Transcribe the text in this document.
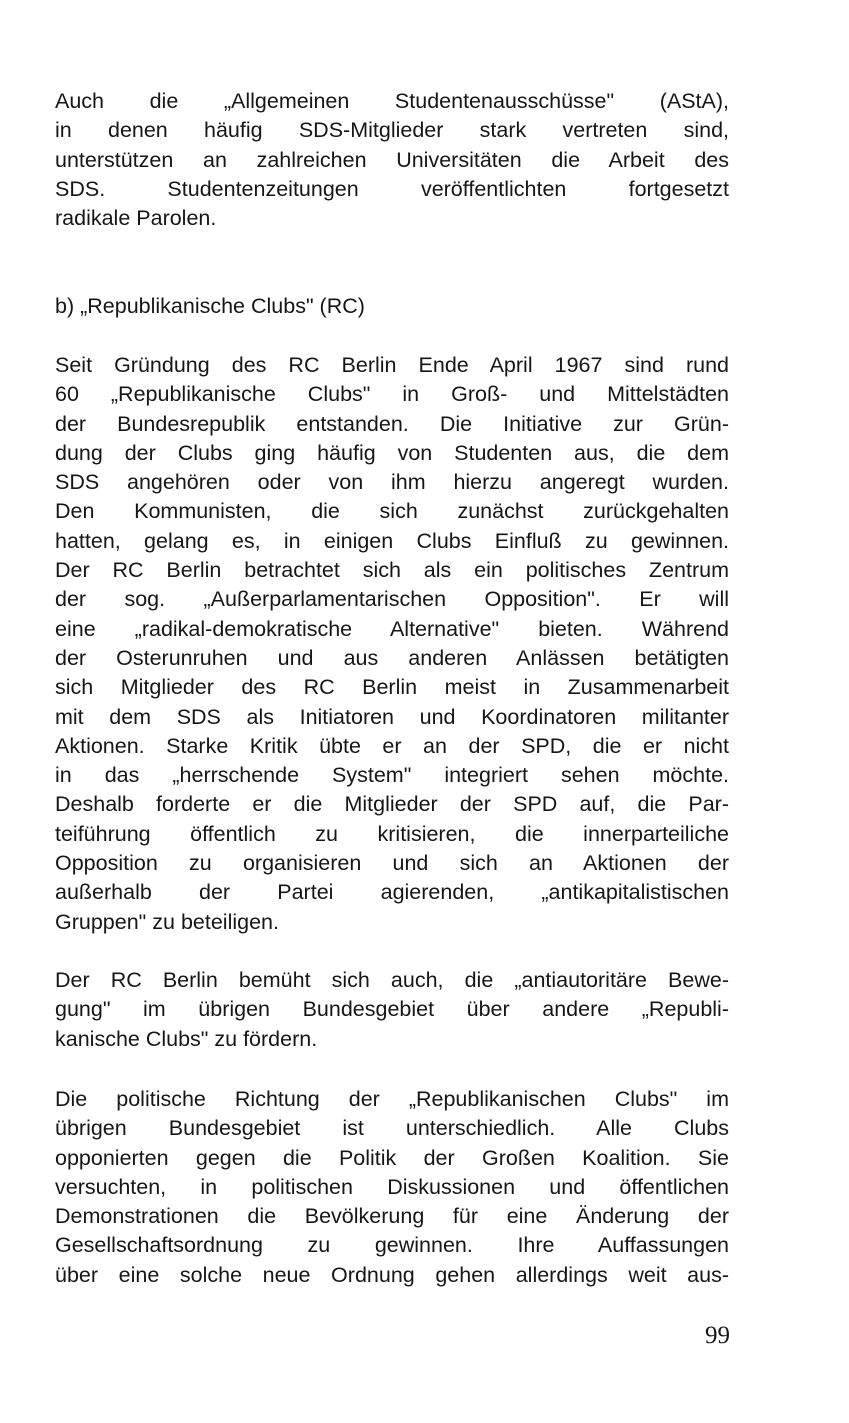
Auch die „Allgemeinen Studentenausschüsse" (AStA),
in denen häufig SDS-Mitglieder stark vertreten sind,
unterstützen an zahlreichen Universitäten die Arbeit des
SDS. Studentenzeitungen veröffentlichten fortgesetzt
radikale Parolen.
b) „Republikanische Clubs" (RC)
Seit Gründung des RC Berlin Ende April 1967 sind rund
60 „Republikanische Clubs" in Groß- und Mittelstädten
der Bundesrepublik entstanden. Die Initiative zur Grün-
dung der Clubs ging häufig von Studenten aus, die dem
SDS angehören oder von ihm hierzu angeregt wurden.
Den Kommunisten, die sich zunächst zurückgehalten
hatten, gelang es, in einigen Clubs Einfluß zu gewinnen.
Der RC Berlin betrachtet sich als ein politisches Zentrum
der sog. „Außerparlamentarischen Opposition". Er will
eine „radikal-demokratische Alternative" bieten. Während
der Osterunruhen und aus anderen Anlässen betätigten
sich Mitglieder des RC Berlin meist in Zusammenarbeit
mit dem SDS als Initiatoren und Koordinatoren militanter
Aktionen. Starke Kritik übte er an der SPD, die er nicht
in das „herrschende System" integriert sehen möchte.
Deshalb forderte er die Mitglieder der SPD auf, die Par-
teiführung öffentlich zu kritisieren, die innerparteiliche
Opposition zu organisieren und sich an Aktionen der
außerhalb der Partei agierenden, „antikapitalistischen
Gruppen" zu beteiligen.
Der RC Berlin bemüht sich auch, die „antiautoritäre Bewe-
gung" im übrigen Bundesgebiet über andere „Republi-
kanische Clubs" zu fördern.
Die politische Richtung der „Republikanischen Clubs" im
übrigen Bundesgebiet ist unterschiedlich. Alle Clubs
opponierten gegen die Politik der Großen Koalition. Sie
versuchten, in politischen Diskussionen und öffentlichen
Demonstrationen die Bevölkerung für eine Änderung der
Gesellschaftsordnung zu gewinnen. Ihre Auffassungen
über eine solche neue Ordnung gehen allerdings weit aus-
99
